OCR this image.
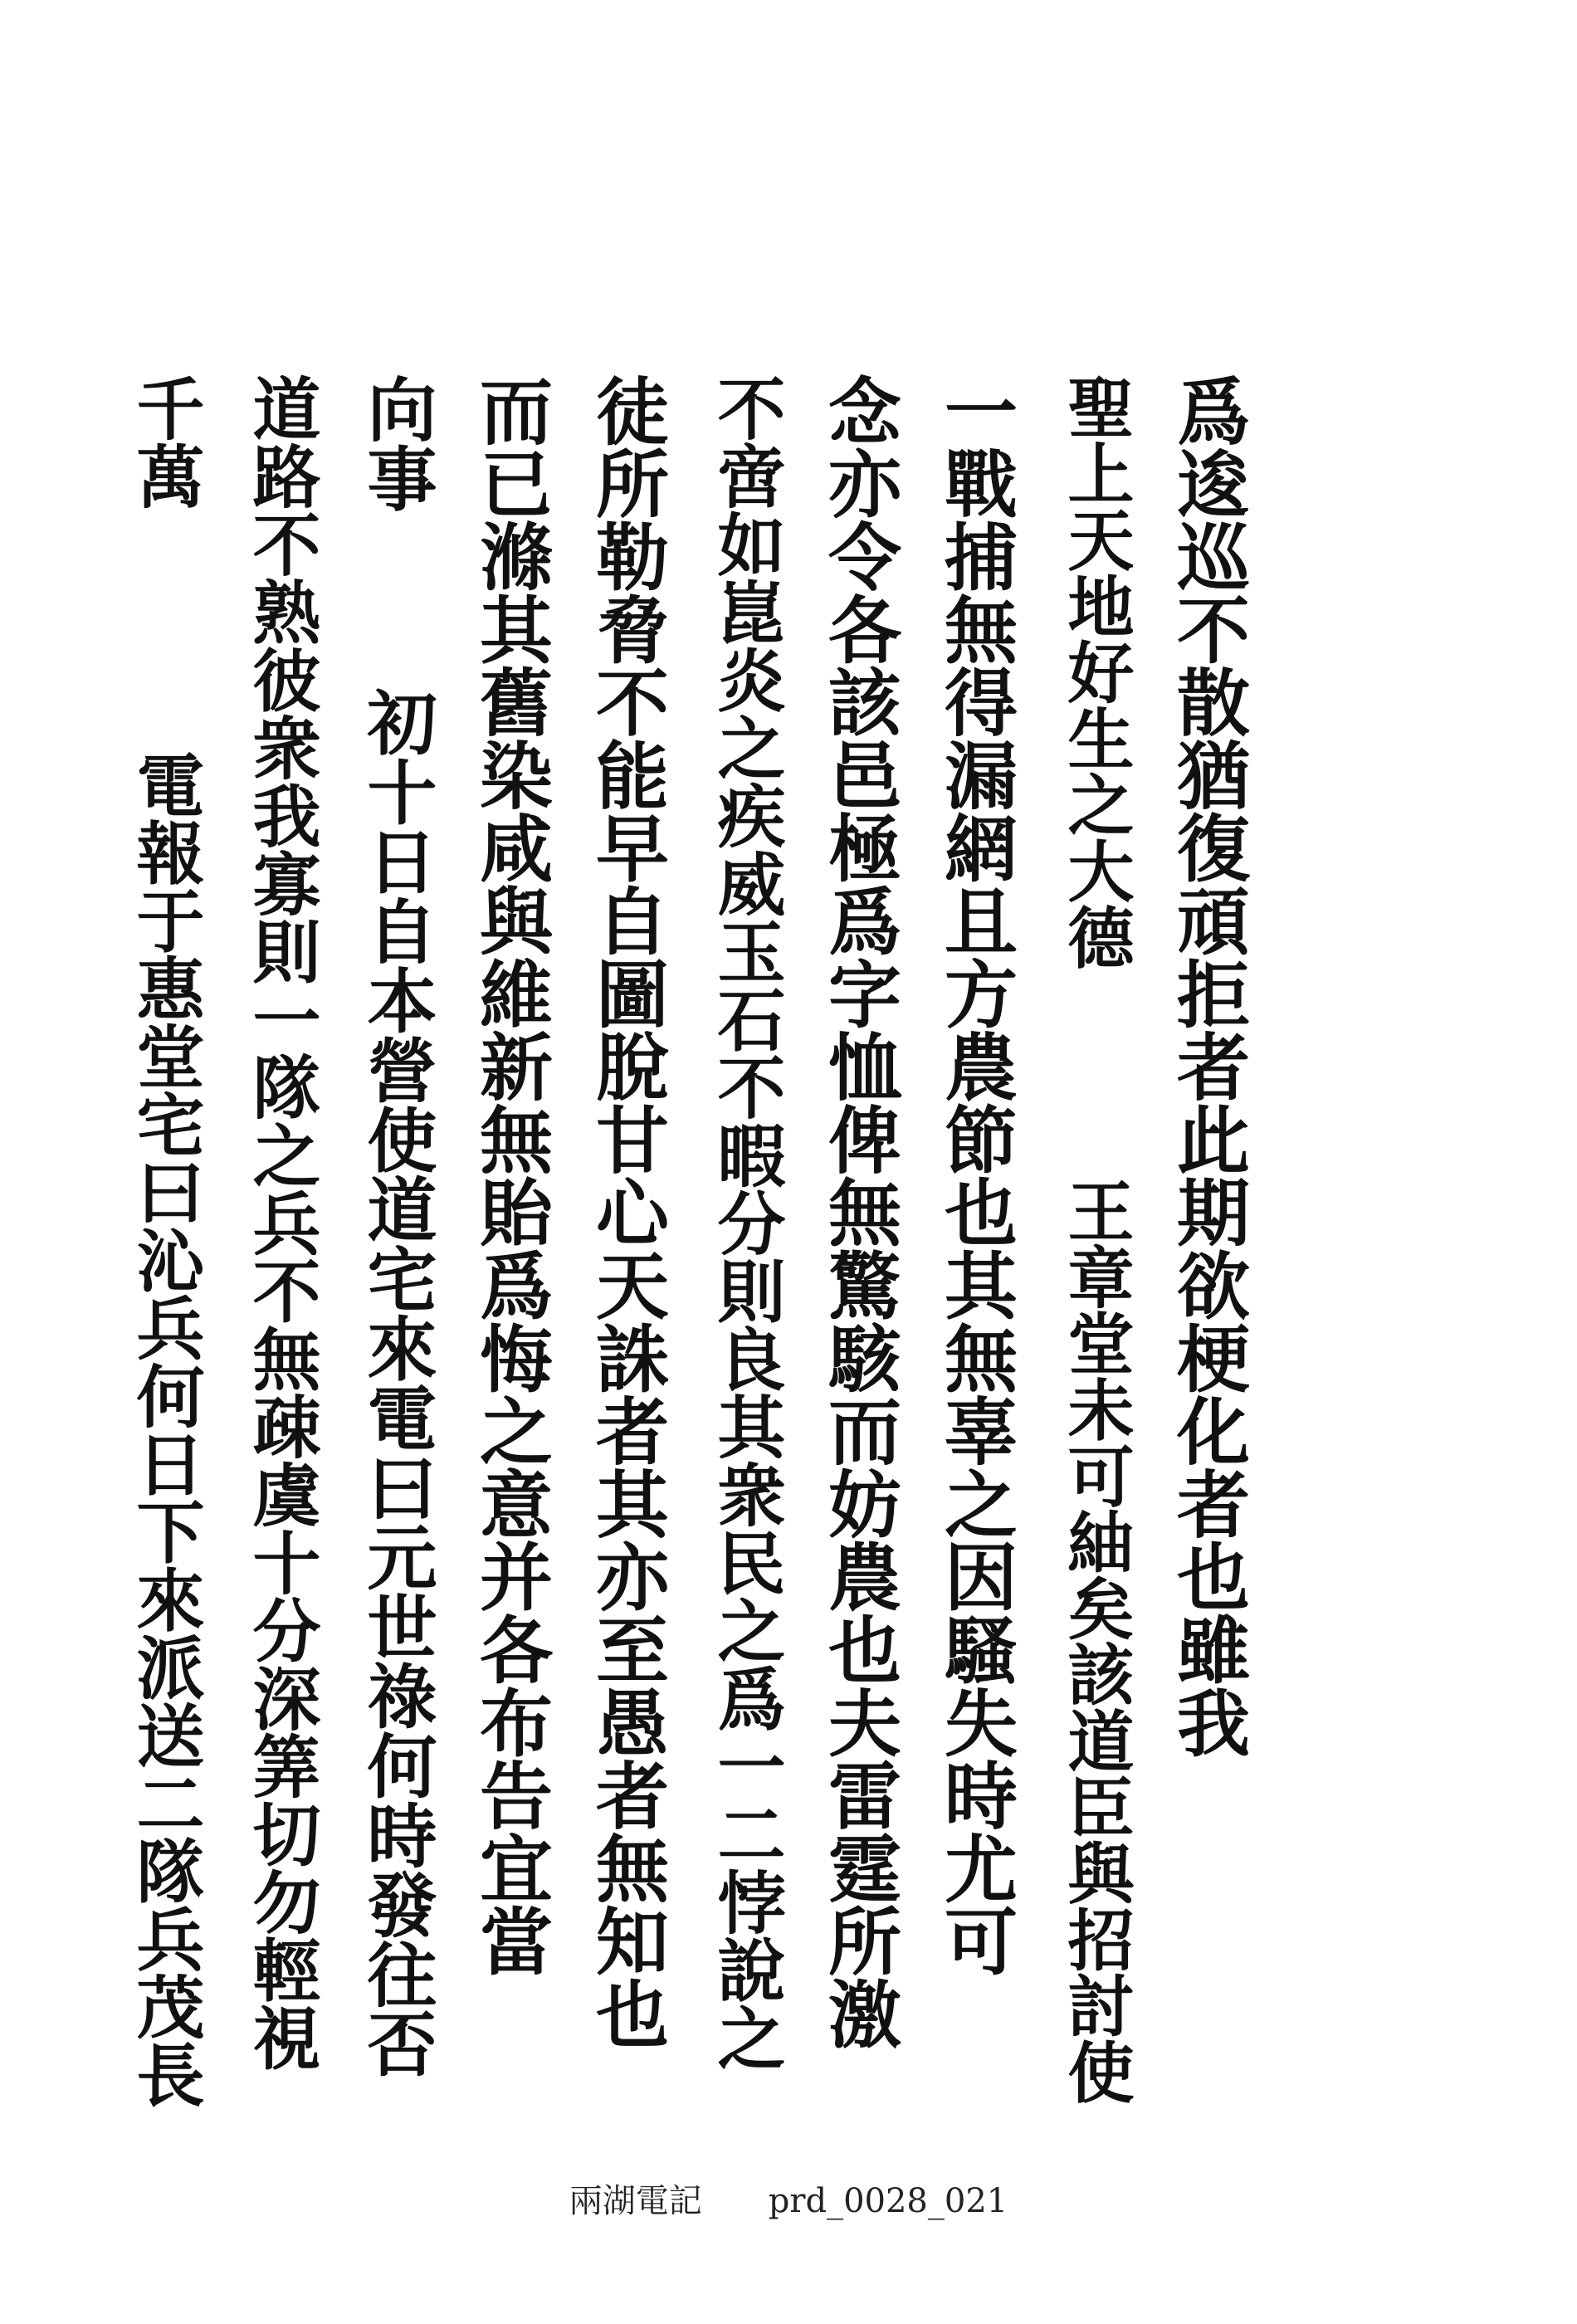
爲逡巡不散猶復頑拒者此期欲梗化者也雖我
聖上天地好生之大德王章堂未可紬矣該道臣與招討使
一戰捕無得漏網且方農節也其無辜之因騷失時尤可
念亦令各該邑極爲字恤俾無驚駭而妨農也夫雷霆所激
不啻如崑炎之疾威玉石不暇分則良其衆民之爲一二悖說之
徒所勒脅不能早自圖脫甘心天誅者其亦至愚者無知也
而已滌其舊染咸與維新無貽爲悔之意并各布告宜當
向事初十日自本營使道宅來電曰元世祿何時發往否
道路不熟彼衆我寡則一隊之兵不無疎虞十分深筭切勿輕視
千萬電報于惠堂宅曰沁兵何日下來派送二隊兵茂長
兩湖電記 prd_0028_021
